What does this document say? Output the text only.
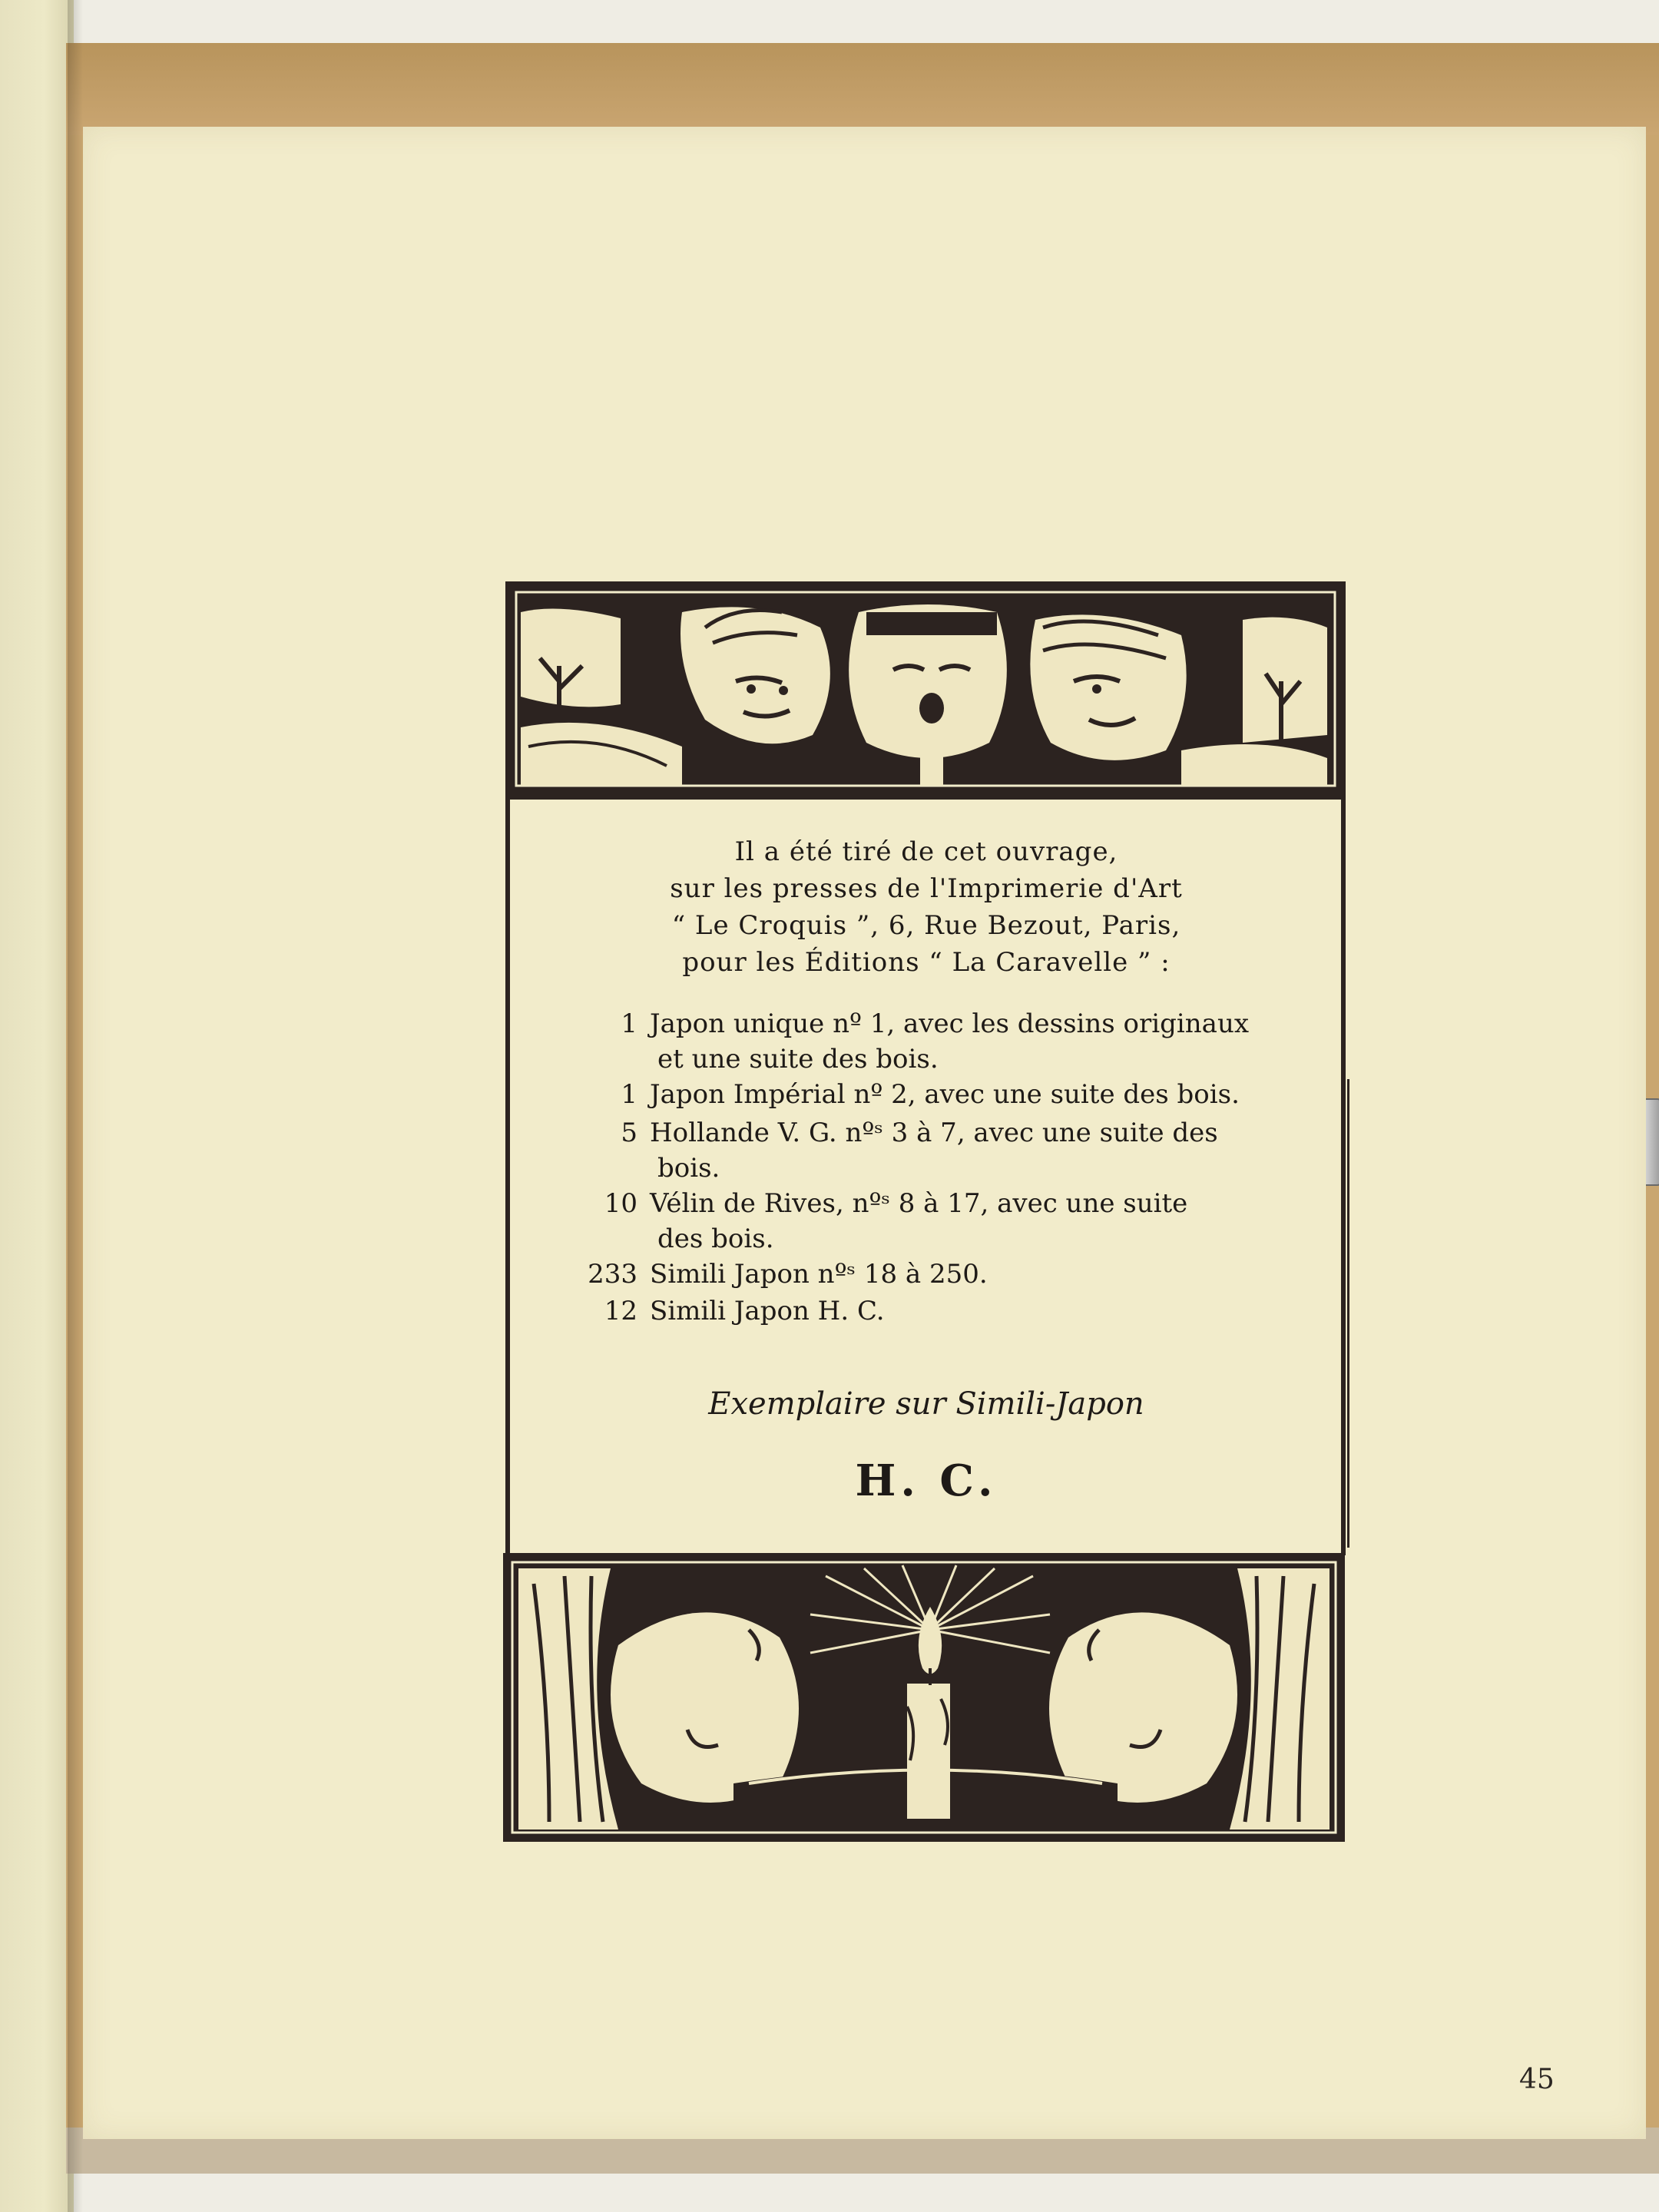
Il a été tiré de cet ouvrage,
sur les presses de l'Imprimerie d'Art
“ Le Croquis ”, 6, Rue Bezout, Paris,
pour les Éditions “ La Caravelle ” :
1 Japon unique nº 1, avec les dessins originaux
et une suite des bois.
1 Japon Impérial nº 2, avec une suite des bois.
5 Hollande V. G. nºˢ 3 à 7, avec une suite des
bois.
10 Vélin de Rives, nºˢ 8 à 17, avec une suite
des bois.
233 Simili Japon nºˢ 18 à 250.
12 Simili Japon H. C.
Exemplaire sur Simili-Japon
H. C.
45
